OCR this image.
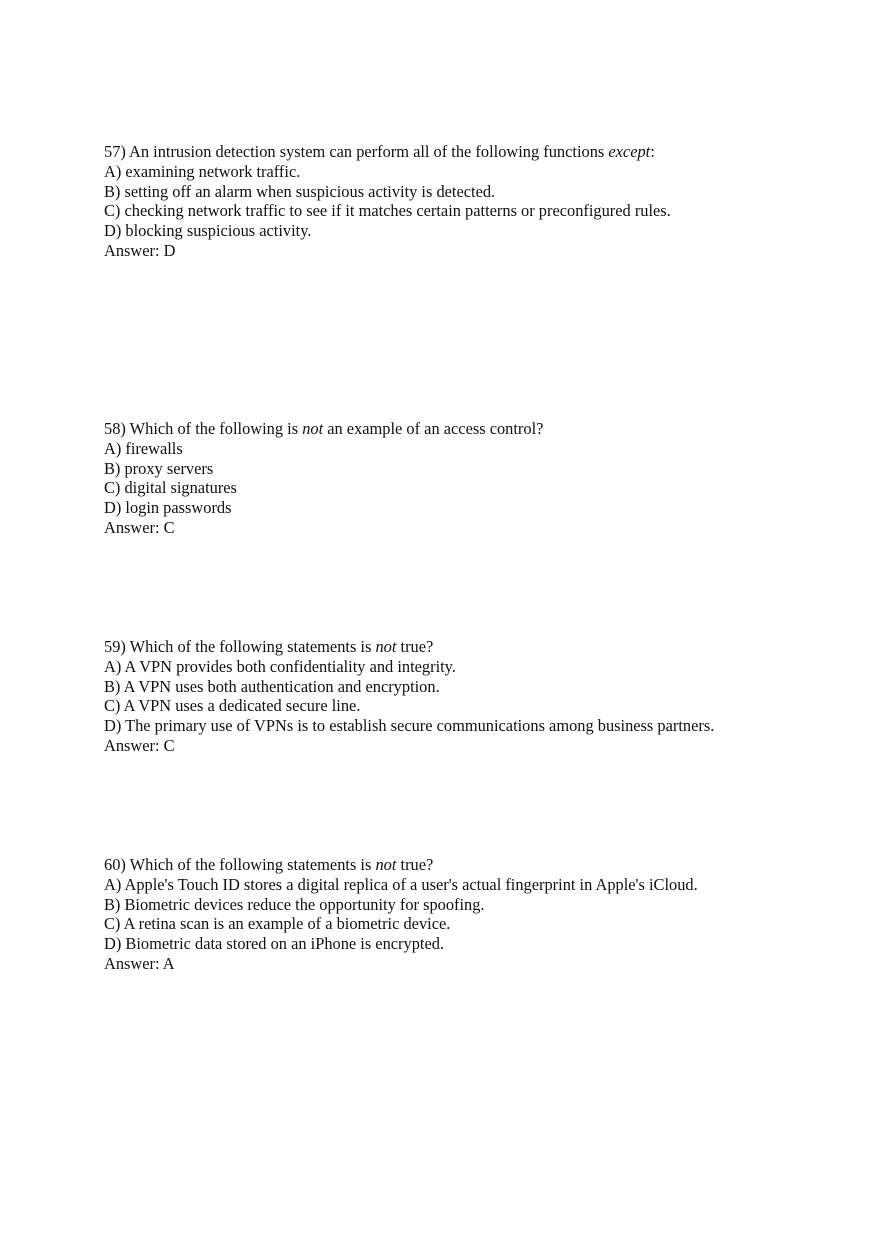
57) An intrusion detection system can perform all of the following functions except:
A) examining network traffic.
B) setting off an alarm when suspicious activity is detected.
C) checking network traffic to see if it matches certain patterns or preconfigured rules.
D) blocking suspicious activity.
Answer: D
58) Which of the following is not an example of an access control?
A) firewalls
B) proxy servers
C) digital signatures
D) login passwords
Answer: C
59) Which of the following statements is not true?
A) A VPN provides both confidentiality and integrity.
B) A VPN uses both authentication and encryption.
C) A VPN uses a dedicated secure line.
D) The primary use of VPNs is to establish secure communications among business partners.
Answer: C
60) Which of the following statements is not true?
A) Apple's Touch ID stores a digital replica of a user's actual fingerprint in Apple's iCloud.
B) Biometric devices reduce the opportunity for spoofing.
C) A retina scan is an example of a biometric device.
D) Biometric data stored on an iPhone is encrypted.
Answer: A
